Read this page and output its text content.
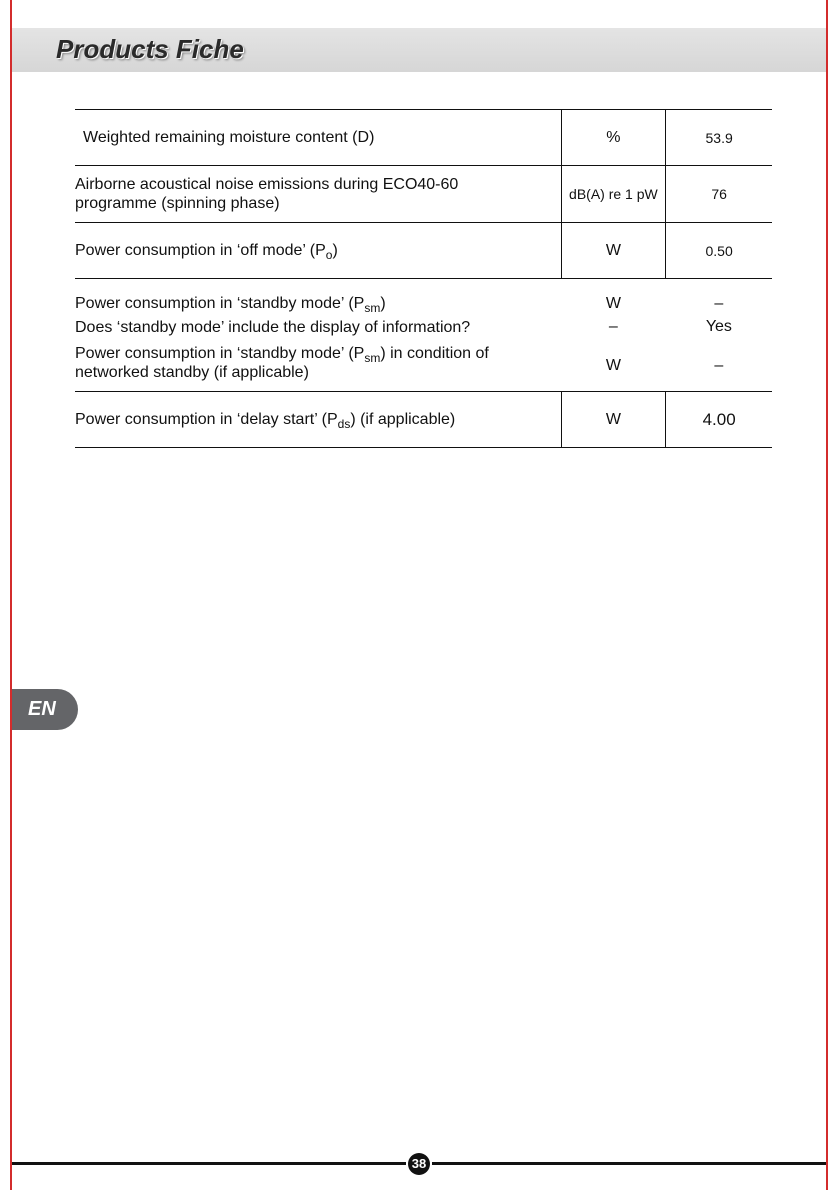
Products Fiche
Weighted remaining moisture content (D)	%	53.9

Airborne acoustical noise emissions during ECO40-60
programme (spinning phase)	dB(A) re 1 pW	76

Power consumption in ‘off mode’ $(P_o)$	W	0.50

Power consumption in ‘standby mode’ $(P_{sm})$	W	–

Does ‘standby mode’ include the display of information?	–	Yes

Power consumption in ‘standby mode’ $(P_{sm})$ in condition of
networked standby (if applicable)	W	–

Power consumption in ‘delay start’ $(P_{ds})$ (if applicable)	W	4.00
EN
38
